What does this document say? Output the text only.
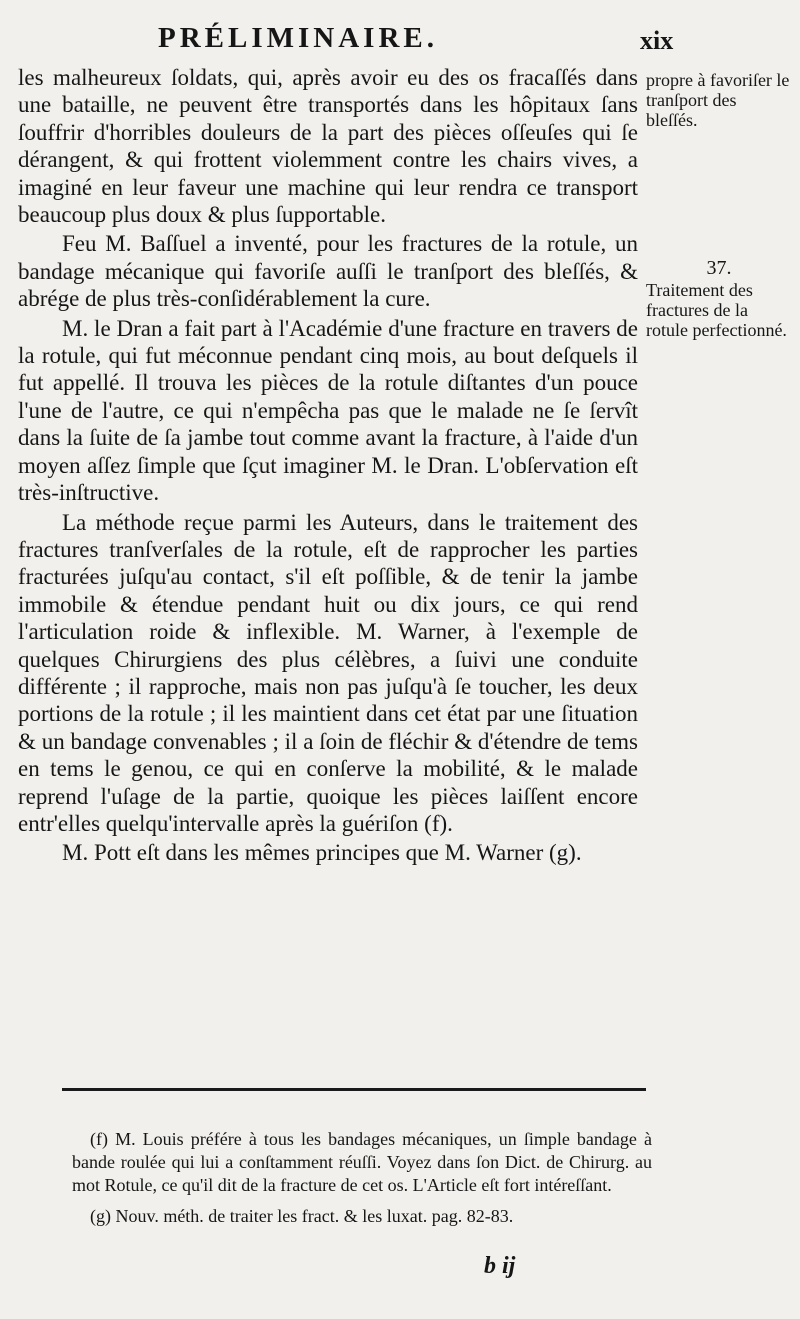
PRÉLIMINAIRE.	xix

les malheureux ſoldats, qui, après avoir eu des os fracaſſés dans une bataille, ne peuvent être transportés dans les hôpitaux ſans ſouffrir d'horribles douleurs de la part des pièces oſſeuſes qui ſe dérangent, & qui frottent violemment contre les chairs vives, a imaginé en leur faveur une machine qui leur rendra ce transport beaucoup plus doux & plus ſupportable.

Feu M. Baſſuel a inventé, pour les fractures de la rotule, un bandage mécanique qui favoriſe auſſi le tranſport des bleſſés, & abrége de plus très-conſidérablement la cure.

M. le Dran a fait part à l'Académie d'une fracture en travers de la rotule, qui fut méconnue pendant cinq mois, au bout deſquels il fut appellé. Il trouva les pièces de la rotule diſtantes d'un pouce l'une de l'autre, ce qui n'empêcha pas que le malade ne ſe ſervît dans la ſuite de ſa jambe tout comme avant la fracture, à l'aide d'un moyen aſſez ſimple que ſçut imaginer M. le Dran. L'obſervation eſt très-inſtructive.

La méthode reçue parmi les Auteurs, dans le traitement des fractures tranſverſales de la rotule, eſt de rapprocher les parties fracturées juſqu'au contact, s'il eſt poſſible, & de tenir la jambe immobile & étendue pendant huit ou dix jours, ce qui rend l'articulation roide & inflexible. M. Warner, à l'exemple de quelques Chirurgiens des plus célèbres, a ſuivi une conduite différente ; il rapproche, mais non pas juſqu'à ſe toucher, les deux portions de la rotule ; il les maintient dans cet état par une ſituation & un bandage convenables ; il a ſoin de fléchir & d'étendre de tems en tems le genou, ce qui en conſerve la mobilité, & le malade reprend l'uſage de la partie, quoique les pièces laiſſent encore entr'elles quelqu'intervalle après la guériſon (f).

M. Pott eſt dans les mêmes principes que M. Warner (g).

propre à favoriſer le tranſport des bleſſés.
37.
Traitement des fractures de la rotule perfectionné.

(f) M. Louis préfére à tous les bandages mécaniques, un ſimple bandage à bande roulée qui lui a conſtamment réuſſi. Voyez dans ſon Dict. de Chirurg. au mot Rotule, ce qu'il dit de la fracture de cet os. L'Article eſt fort intéreſſant.

(g) Nouv. méth. de traiter les fract. & les luxat. pag. 82-83.

b ij
